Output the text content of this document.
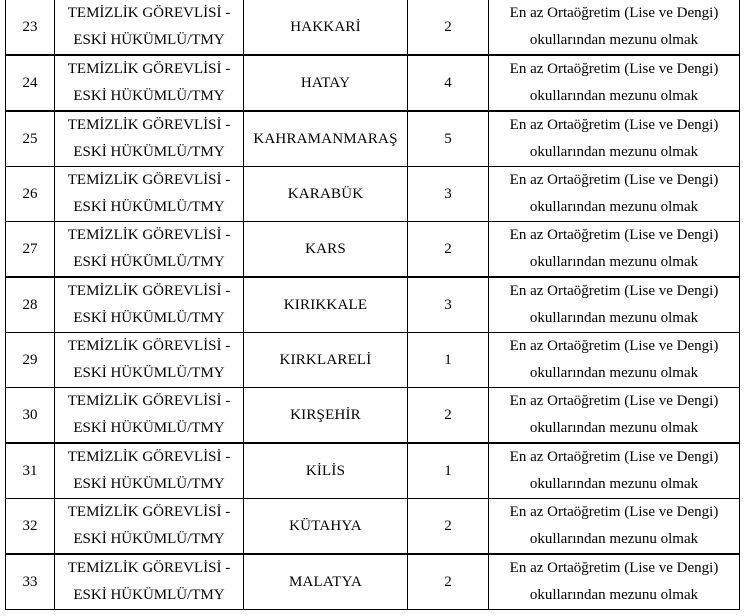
23	TEMİZLİK GÖREVLİSİ -
ESKİ HÜKÜMLÜ/TMY	HAKKARİ	2	En az Ortaöğretim (Lise ve Dengi)
okullarından mezunu olmak

24	TEMİZLİK GÖREVLİSİ -
ESKİ HÜKÜMLÜ/TMY	HATAY	4	En az Ortaöğretim (Lise ve Dengi)
okullarından mezunu olmak

25	TEMİZLİK GÖREVLİSİ -
ESKİ HÜKÜMLÜ/TMY	KAHRAMANMARAŞ	5	En az Ortaöğretim (Lise ve Dengi)
okullarından mezunu olmak

26	TEMİZLİK GÖREVLİSİ -
ESKİ HÜKÜMLÜ/TMY	KARABÜK	3	En az Ortaöğretim (Lise ve Dengi)
okullarından mezunu olmak

27	TEMİZLİK GÖREVLİSİ -
ESKİ HÜKÜMLÜ/TMY	KARS	2	En az Ortaöğretim (Lise ve Dengi)
okullarından mezunu olmak

28	TEMİZLİK GÖREVLİSİ -
ESKİ HÜKÜMLÜ/TMY	KIRIKKALE	3	En az Ortaöğretim (Lise ve Dengi)
okullarından mezunu olmak

29	TEMİZLİK GÖREVLİSİ -
ESKİ HÜKÜMLÜ/TMY	KIRKLARELİ	1	En az Ortaöğretim (Lise ve Dengi)
okullarından mezunu olmak

30	TEMİZLİK GÖREVLİSİ -
ESKİ HÜKÜMLÜ/TMY	KIRŞEHİR	2	En az Ortaöğretim (Lise ve Dengi)
okullarından mezunu olmak

31	TEMİZLİK GÖREVLİSİ -
ESKİ HÜKÜMLÜ/TMY	KİLİS	1	En az Ortaöğretim (Lise ve Dengi)
okullarından mezunu olmak

32	TEMİZLİK GÖREVLİSİ -
ESKİ HÜKÜMLÜ/TMY	KÜTAHYA	2	En az Ortaöğretim (Lise ve Dengi)
okullarından mezunu olmak

33	TEMİZLİK GÖREVLİSİ -
ESKİ HÜKÜMLÜ/TMY	MALATYA	2	En az Ortaöğretim (Lise ve Dengi)
okullarından mezunu olmak
